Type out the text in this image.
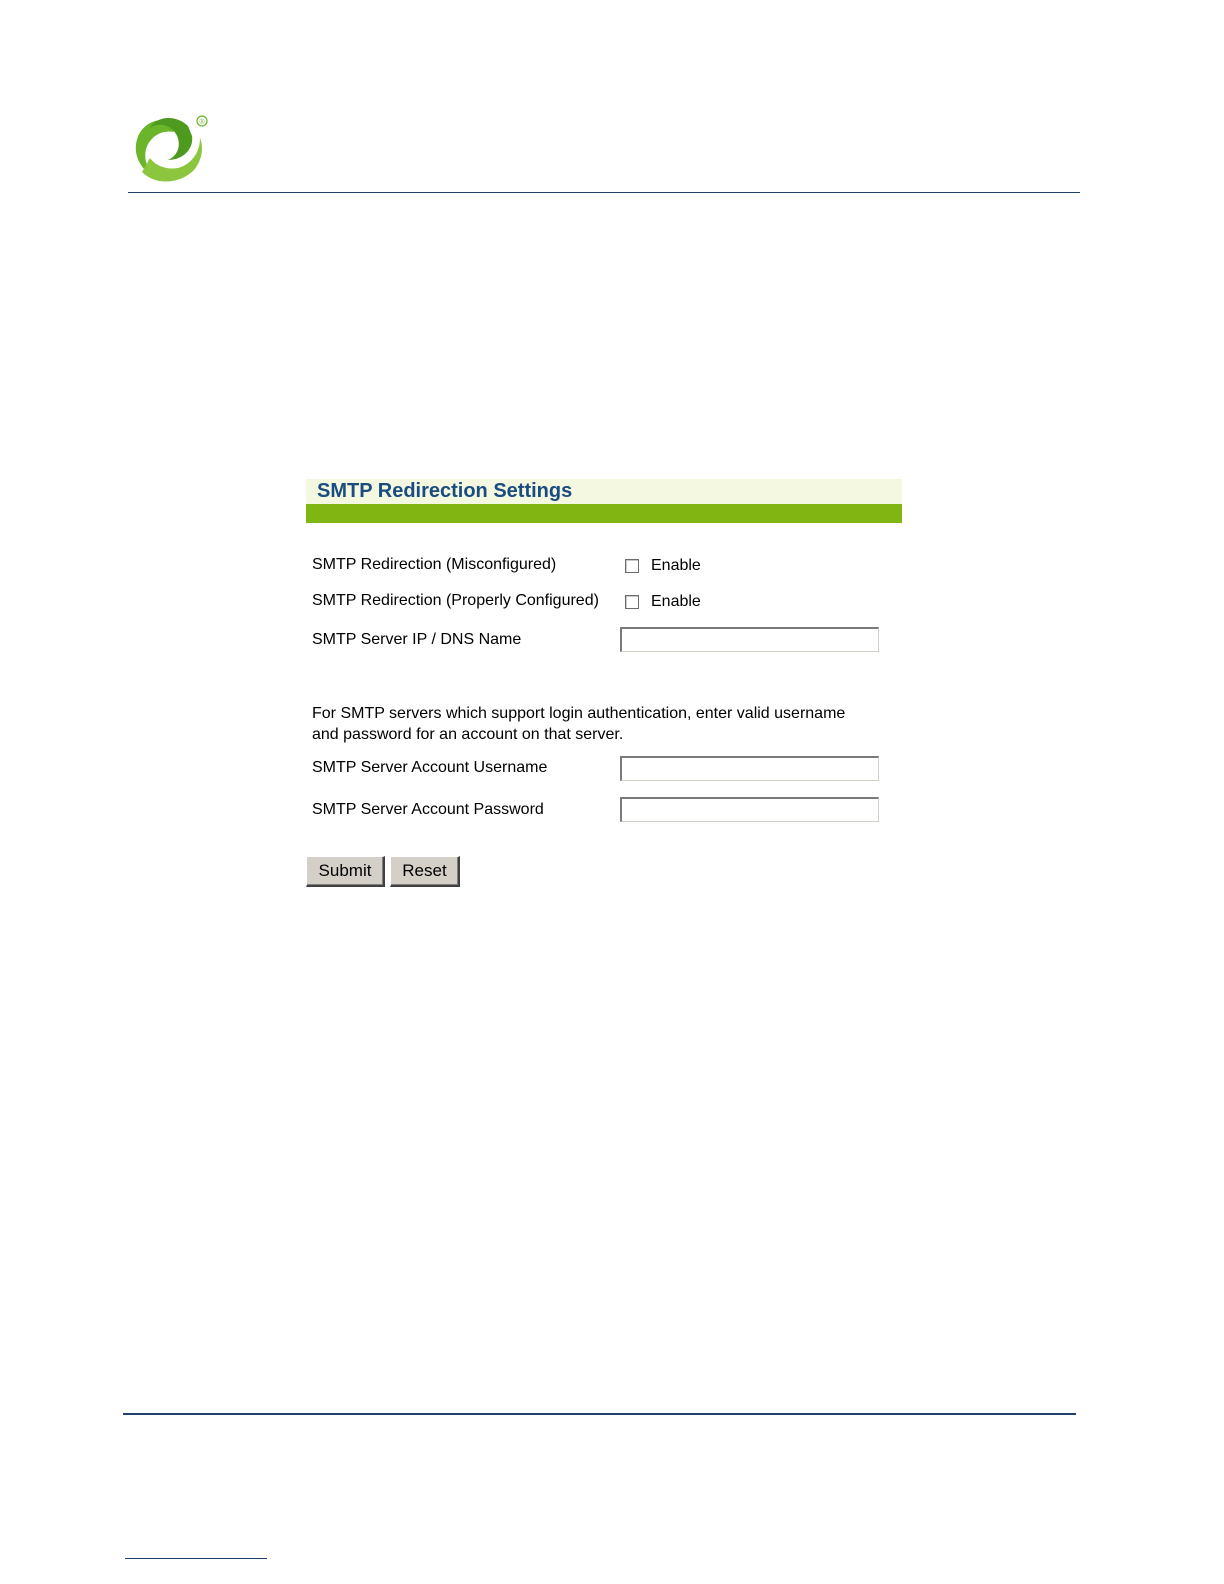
®
SMTP Redirection Settings
SMTP Redirection (Misconfigured)	Enable
SMTP Redirection (Properly Configured)	Enable
SMTP Server IP / DNS Name
For SMTP servers which support login authentication, enter valid username
and password for an account on that server.
SMTP Server Account Username
SMTP Server Account Password
Submit	Reset
